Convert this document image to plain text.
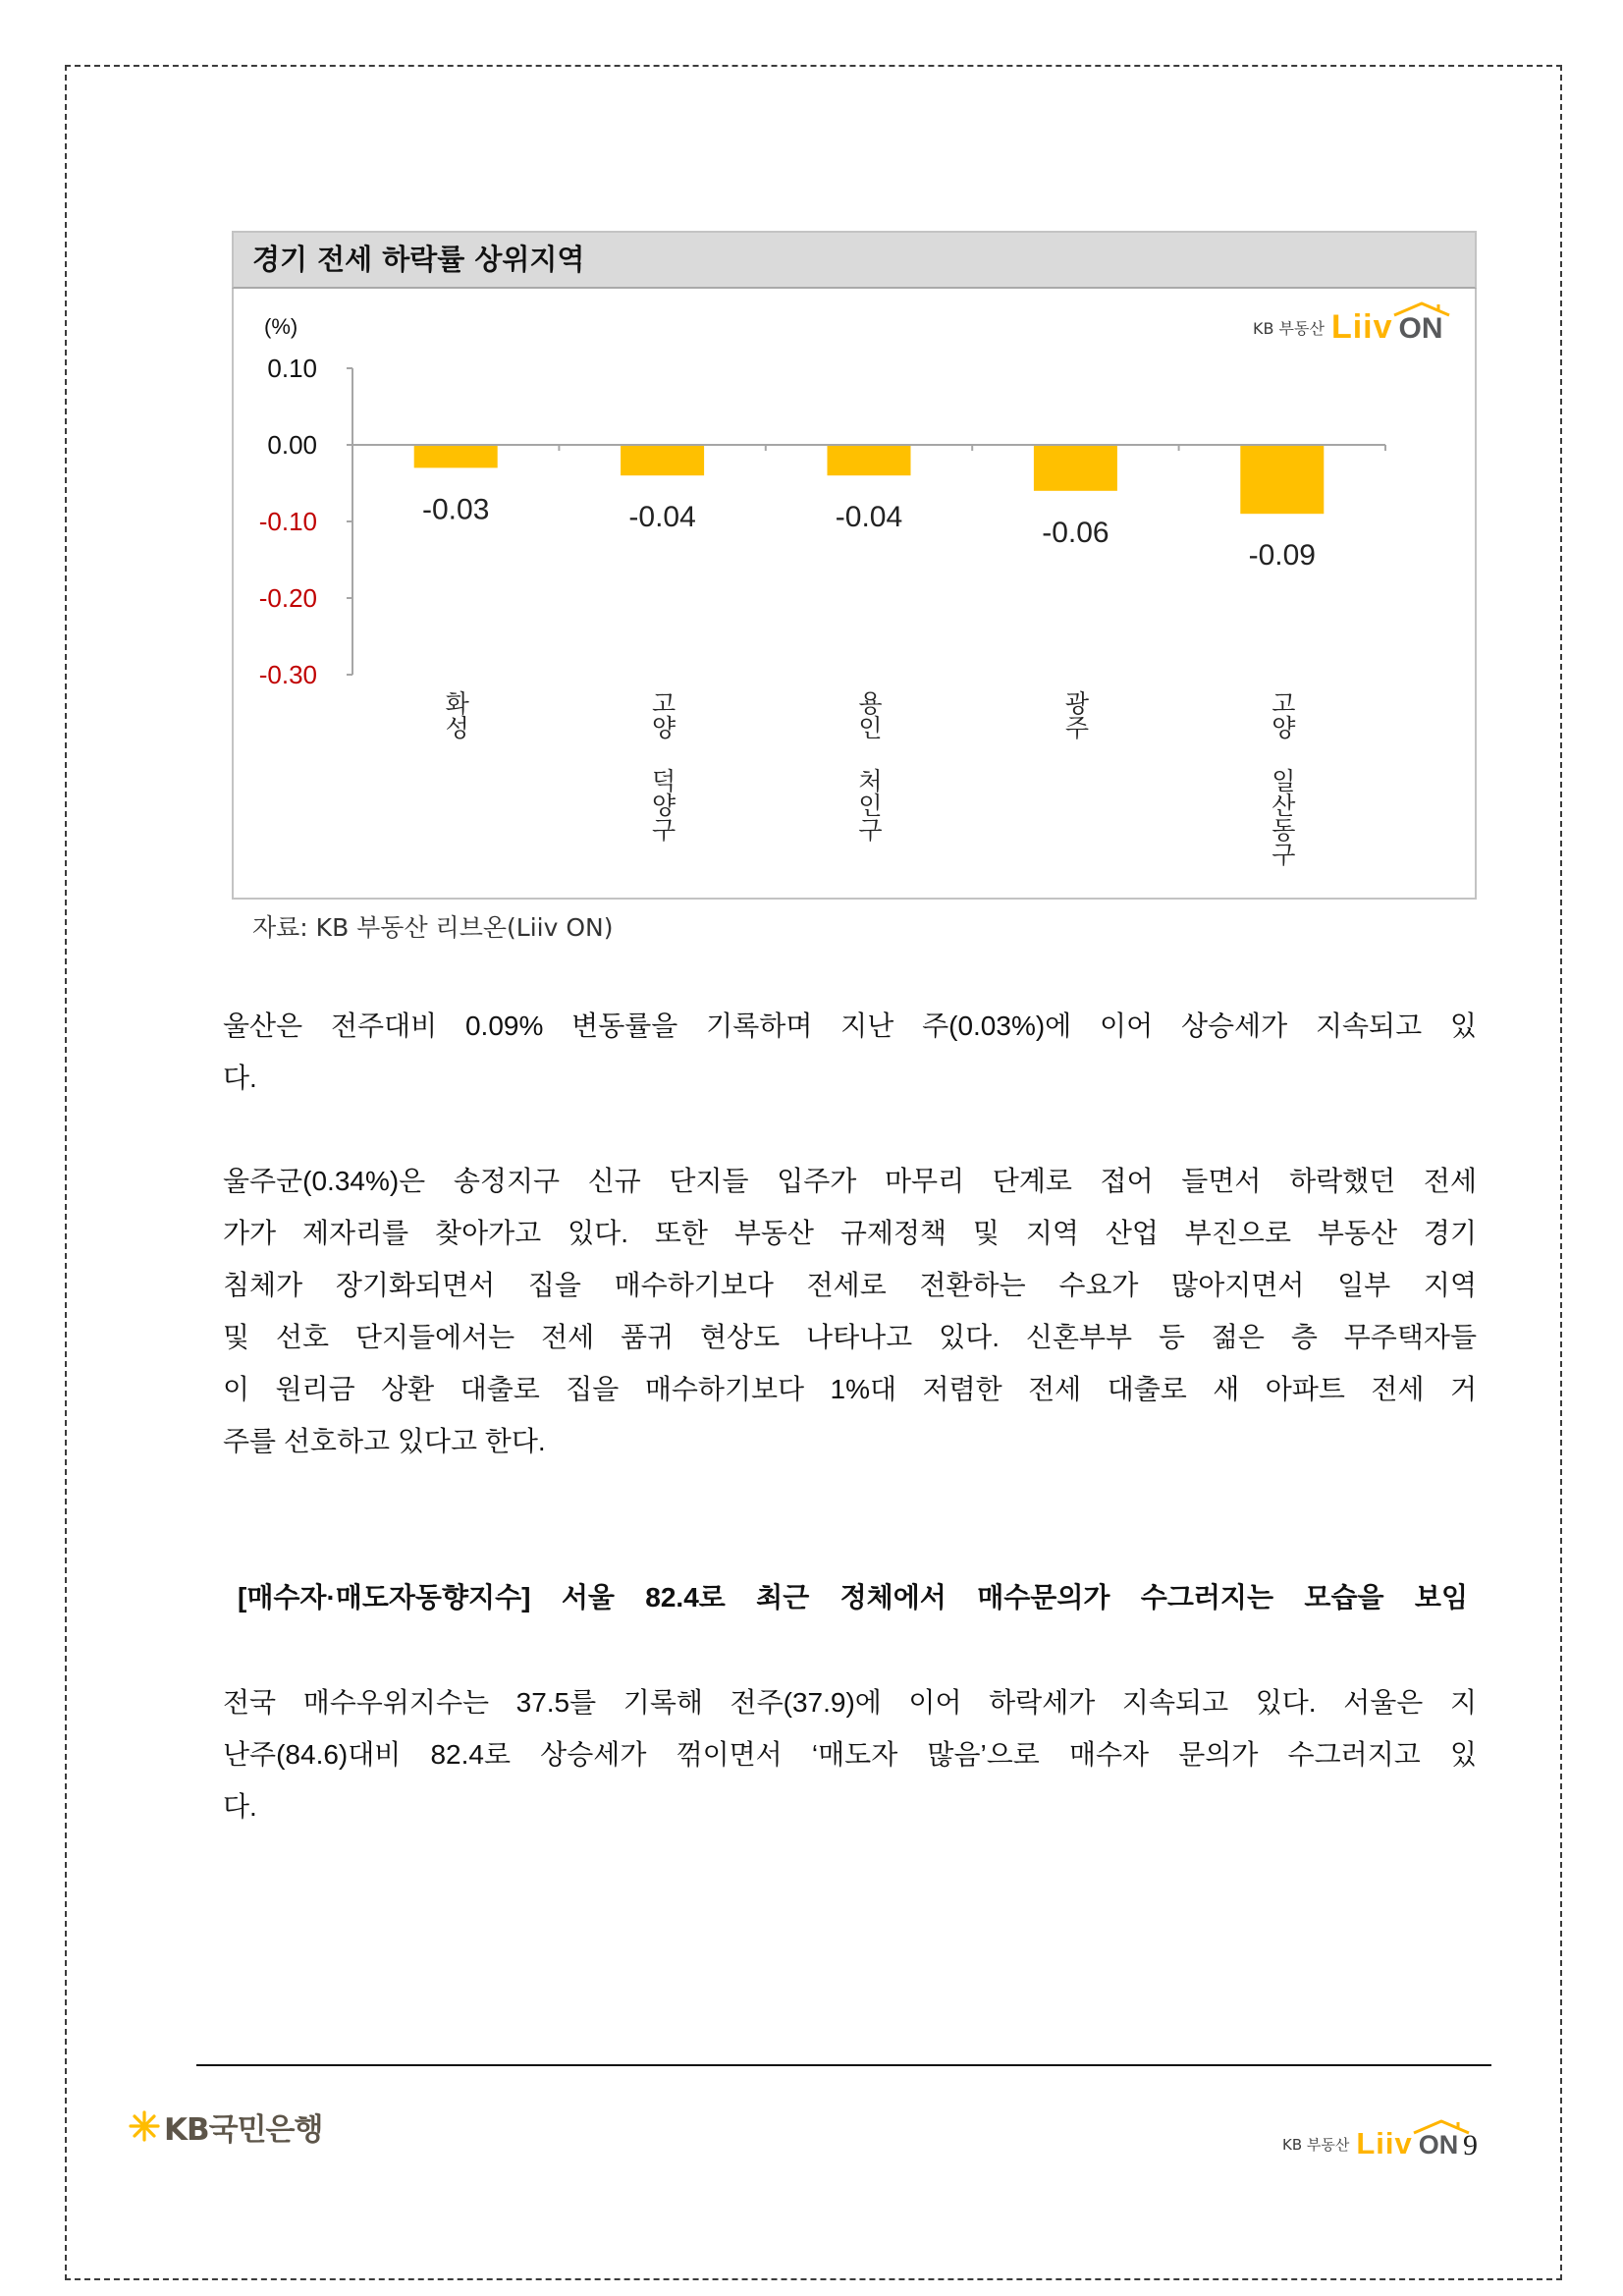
경기 전세 하락률 상위지역
(%)
-0.03	-0.04	-0.04	-0.06
-0.09
0.10
0.00
-0.10
-0.20
-0.30
화성	고양 덕양구	용인 처인구	광주	고양 일산동구
KB 부동산 Liiv ON
자료: KB 부동산 리브온(Liiv ON)
울산은 전주대비 0.09% 변동률을 기록하며 지난 주(0.03%)에 이어 상승세가 지속되고 있
다.
울주군(0.34%)은 송정지구 신규 단지들 입주가 마무리 단계로 접어 들면서 하락했던 전세
가가 제자리를 찾아가고 있다. 또한 부동산 규제정책 및 지역 산업 부진으로 부동산 경기
침체가 장기화되면서 집을 매수하기보다 전세로 전환하는 수요가 많아지면서 일부 지역
및 선호 단지들에서는 전세 품귀 현상도 나타나고 있다. 신혼부부 등 젊은 층 무주택자들
이 원리금 상환 대출로 집을 매수하기보다 1%대 저렴한 전세 대출로 새 아파트 전세 거
주를 선호하고 있다고 한다.
[매수자·매도자동향지수] 서울 82.4로 최근 정체에서 매수문의가 수그러지는 모습을 보임
전국 매수우위지수는 37.5를 기록해 전주(37.9)에 이어 하락세가 지속되고 있다. 서울은 지
난주(84.6)대비 82.4로 상승세가 꺾이면서 ‘매도자 많음’으로 매수자 문의가 수그러지고 있
다.
KB국민은행	KB 부동산 Liiv ON 9
